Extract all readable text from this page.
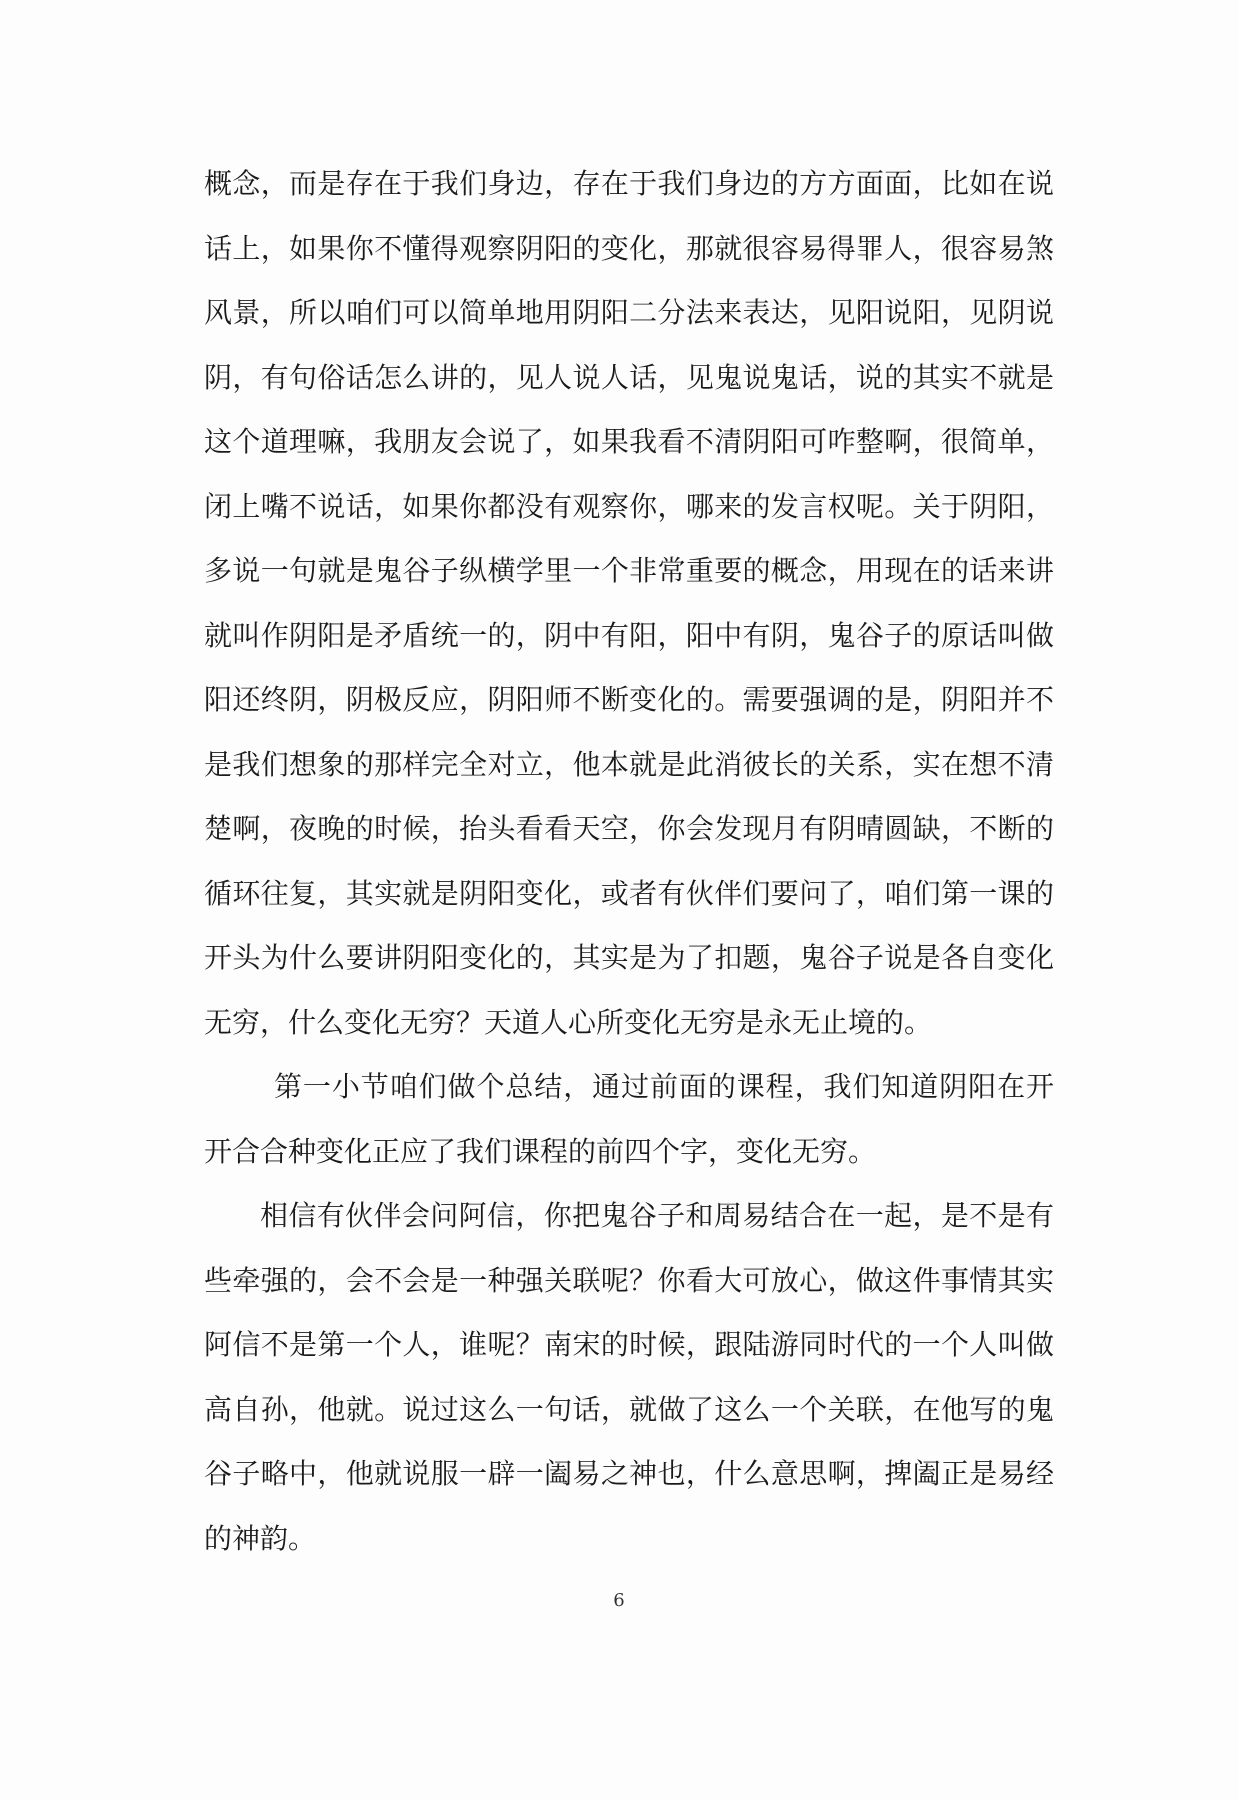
概念，而是存在于我们身边，存在于我们身边的方方面面，比如在说
话上，如果你不懂得观察阴阳的变化，那就很容易得罪人，很容易煞
风景，所以咱们可以简单地用阴阳二分法来表达，见阳说阳，见阴说
阴，有句俗话怎么讲的，见人说人话，见鬼说鬼话，说的其实不就是
这个道理嘛，我朋友会说了，如果我看不清阴阳可咋整啊，很简单，
闭上嘴不说话，如果你都没有观察你，哪来的发言权呢。关于阴阳，
多说一句就是鬼谷子纵横学里一个非常重要的概念，用现在的话来讲
就叫作阴阳是矛盾统一的，阴中有阳，阳中有阴，鬼谷子的原话叫做
阳还终阴，阴极反应，阴阳师不断变化的。需要强调的是，阴阳并不
是我们想象的那样完全对立，他本就是此消彼长的关系，实在想不清
楚啊，夜晚的时候，抬头看看天空，你会发现月有阴晴圆缺，不断的
循环往复，其实就是阴阳变化，或者有伙伴们要问了，咱们第一课的
开头为什么要讲阴阳变化的，其实是为了扣题，鬼谷子说是各自变化
无穷，什么变化无穷？天道人心所变化无穷是永无止境的。

第一小节咱们做个总结，通过前面的课程，我们知道阴阳在开
开合合种变化正应了我们课程的前四个字，变化无穷。

相信有伙伴会问阿信，你把鬼谷子和周易结合在一起，是不是有
些牵强的，会不会是一种强关联呢？你看大可放心，做这件事情其实
阿信不是第一个人，谁呢？南宋的时候，跟陆游同时代的一个人叫做
高自孙，他就。说过这么一句话，就做了这么一个关联，在他写的鬼
谷子略中，他就说服一辟一阖易之神也，什么意思啊，捭阖正是易经
的神韵。

6
